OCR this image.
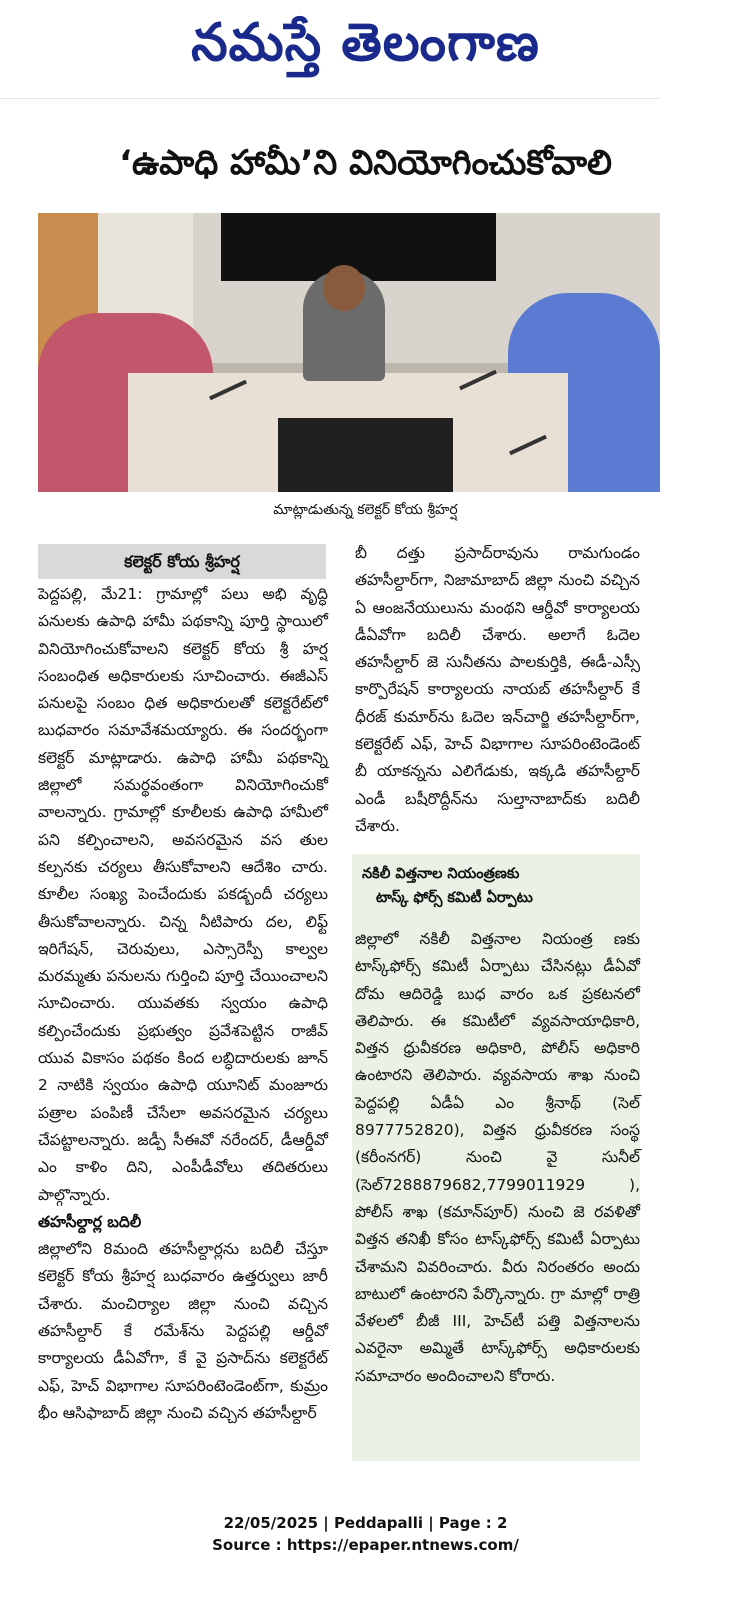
నమస్తే తెలంగాణ
‘ఉపాధి హామీ’ని వినియోగించుకోవాలి
మాట్లాడుతున్న కలెక్టర్ కోయ శ్రీహర్ష
కలెక్టర్ కోయ శ్రీహర్ష

పెద్దపల్లి, మే21: గ్రామాల్లో పలు అభి వృద్ధి పనులకు ఉపాధి హామీ పథకాన్ని పూర్తి స్థాయిలో వినియోగించుకోవాలని కలెక్టర్ కోయ శ్రీ హర్ష సంబంధిత అధికారులకు సూచించారు. ఈజీఎస్ పనులపై సంబం ధిత అధికారులతో కలెక్టరేట్‌లో బుధవారం సమావేశమయ్యారు. ఈ సందర్భంగా కలెక్టర్ మాట్లాడారు. ఉపాధి హామీ పథకాన్ని జిల్లాలో సమర్థవంతంగా వినియోగించుకో వాలన్నారు. గ్రామాల్లో కూలీలకు ఉపాధి హామీలో పని కల్పించాలని, అవసరమైన వస తుల కల్పనకు చర్యలు తీసుకోవాలని ఆదేశిం చారు. కూలీల సంఖ్య పెంచేందుకు పకడ్బందీ చర్యలు తీసుకోవాలన్నారు. చిన్న నీటిపారు దల, లిఫ్ట్ ఇరిగేషన్, చెరువులు, ఎస్సారెస్పీ కాల్వల మరమ్మతు పనులను గుర్తించి పూర్తి చేయించాలని సూచించారు. యువతకు స్వయం ఉపాధి కల్పించేందుకు ప్రభుత్వం ప్రవేశపెట్టిన రాజీవ్ యువ వికాసం పథకం కింద లబ్ధిదారులకు జూన్ 2 నాటికి స్వయం ఉపాధి యూనిట్ మంజూరు పత్రాల పంపిణీ చేసేలా అవసరమైన చర్యలు చేపట్టాలన్నారు. జడ్పీ సీఈవో నరేందర్, డీఆర్డీవో ఎం కాళిం దిని, ఎంపీడీవోలు తదితరులు పాల్గొన్నారు.

తహసీల్దార్ల బదిలీ

జిల్లాలోని 8మంది తహసీల్దార్లను బదిలీ చేస్తూ కలెక్టర్ కోయ శ్రీహర్ష బుధవారం ఉత్తర్వులు జారీ చేశారు. మంచిర్యాల జిల్లా నుంచి వచ్చిన తహసీల్దార్ కే రమేశ్‌ను పెద్దపల్లి ఆర్డీవో కార్యాలయ డీఏవోగా, కే వై ప్రసాద్‌ను కలెక్టరేట్ ఎఫ్, హెచ్ విభాగాల సూపరింటెండెంట్‌గా, కుమ్రం భీం ఆసిఫాబాద్ జిల్లా నుంచి వచ్చిన తహసీల్దార్

బీ దత్తు ప్రసాద్‌రావును రామగుండం తహసీల్దార్‌గా, నిజామాబాద్ జిల్లా నుంచి వచ్చిన ఏ ఆంజనేయులును మంథని ఆర్డీవో కార్యాలయ డీఏవోగా బదిలీ చేశారు. అలాగే ఓదెల తహసీల్దార్ జె సునీతను పాలకుర్తికి, ఈడీ-ఎస్సీ కార్పొరేషన్ కార్యాలయ నాయబ్ తహసీల్దార్ కే ధీరజ్ కుమార్‌ను ఓదెల ఇన్‌చార్జి తహసీల్దార్‌గా, కలెక్టరేట్ ఎఫ్, హెచ్ విభాగాల సూపరింటెండెంట్ బీ యాకన్నను ఎలిగేడుకు, ఇక్కడి తహసీల్దార్ ఎండీ బషీరొద్దీన్‌ను సుల్తానాబాద్‌కు బదిలీ చేశారు.

నకిలీ విత్తనాల నియంత్రణకు
టాస్క్ ఫోర్స్ కమిటీ ఏర్పాటు

జిల్లాలో నకిలీ విత్తనాల నియంత్ర ణకు టాస్క్‌ఫోర్స్ కమిటీ ఏర్పాటు చేసినట్లు డీఏవో దోమ ఆదిరెడ్డి బుధ వారం ఒక ప్రకటనలో తెలిపారు. ఈ కమిటీలో వ్యవసాయాధికారి, విత్తన ధ్రువీకరణ అధికారి, పోలీస్ అధికారి ఉంటారని తెలిపారు. వ్యవసాయ శాఖ నుంచి పెద్దపల్లి ఏడీఏ ఎం శ్రీనాథ్ (సెల్ 8977752820), విత్తన ధ్రువీకరణ సంస్థ (కరీంనగర్) నుంచి వై సునీల్ (సెల్7288879682,7799011929 ), పోలీస్ శాఖ (కమాన్‌పూర్) నుంచి జె రవళితో విత్తన తనిఖీ కోసం టాస్క్‌ఫోర్స్ కమిటీ ఏర్పాటు చేశామని వివరించారు. వీరు నిరంతరం అందు బాటులో ఉంటారని పేర్కొన్నారు. గ్రా మాల్లో రాత్రి వేళలలో బీజీ III, హెచ్‌టీ పత్తి విత్తనాలను ఎవరైనా అమ్మితే టాస్క్‌ఫోర్స్ అధికారులకు సమాచారం అందించాలని కోరారు.

22/05/2025 | Peddapalli | Page : 2
Source : https://epaper.ntnews.com/
